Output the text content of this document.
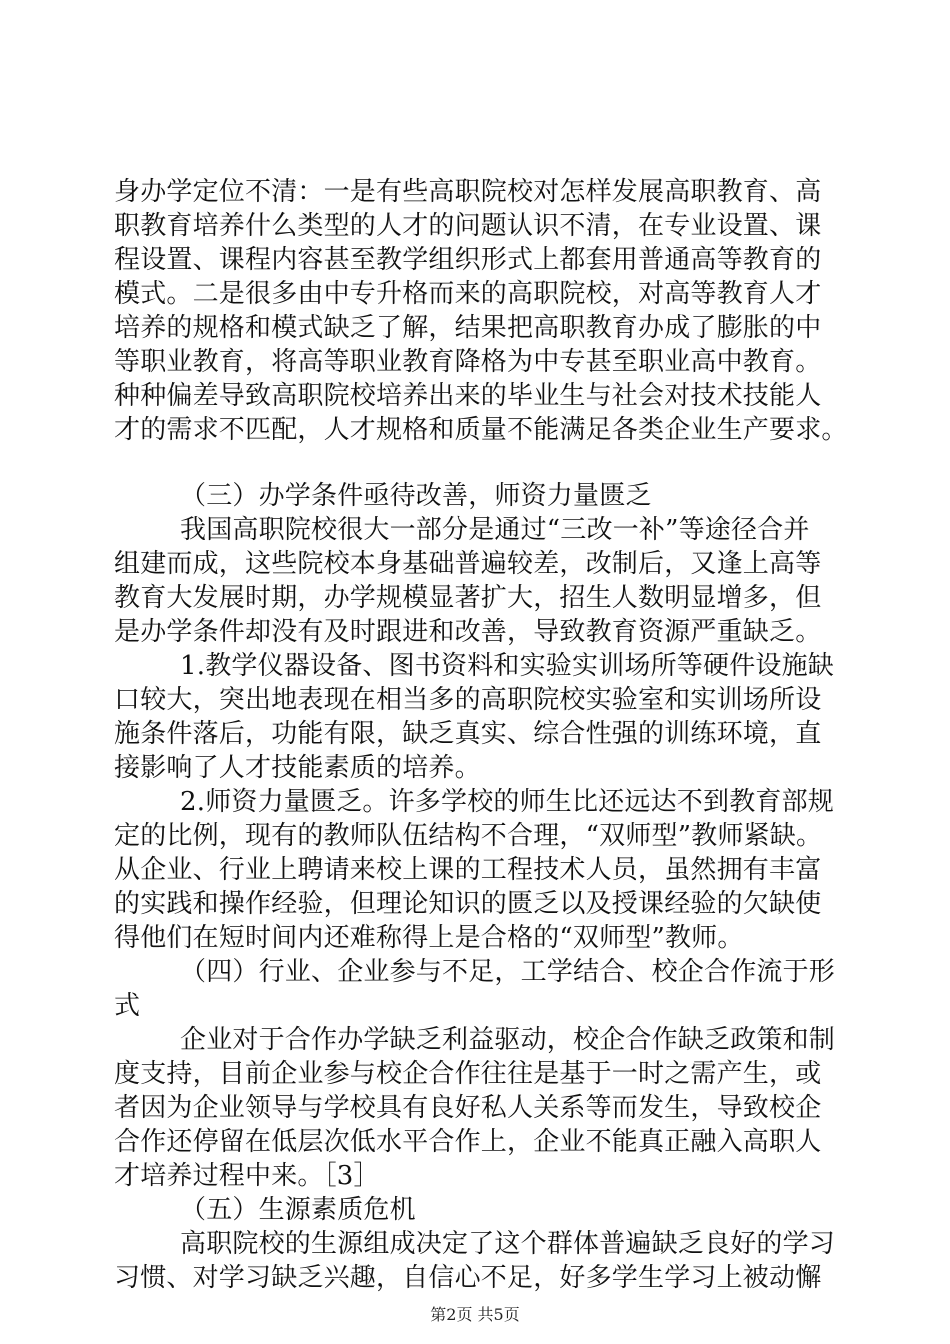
身办学定位不清：一是有些高职院校对怎样发展高职教育、高
职教育培养什么类型的人才的问题认识不清，在专业设置、课
程设置、课程内容甚至教学组织形式上都套用普通高等教育的
模式。二是很多由中专升格而来的高职院校，对高等教育人才
培养的规格和模式缺乏了解，结果把高职教育办成了膨胀的中
等职业教育，将高等职业教育降格为中专甚至职业高中教育。
种种偏差导致高职院校培养出来的毕业生与社会对技术技能人
才的需求不匹配，人才规格和质量不能满足各类企业生产要求。
（三）办学条件亟待改善，师资力量匮乏
我国高职院校很大一部分是通过“三改一补”等途径合并
组建而成，这些院校本身基础普遍较差，改制后，又逢上高等
教育大发展时期，办学规模显著扩大，招生人数明显增多，但
是办学条件却没有及时跟进和改善，导致教育资源严重缺乏。
1.教学仪器设备、图书资料和实验实训场所等硬件设施缺
口较大，突出地表现在相当多的高职院校实验室和实训场所设
施条件落后，功能有限，缺乏真实、综合性强的训练环境，直
接影响了人才技能素质的培养。
2.师资力量匮乏。许多学校的师生比还远达不到教育部规
定的比例，现有的教师队伍结构不合理，“双师型”教师紧缺。
从企业、行业上聘请来校上课的工程技术人员，虽然拥有丰富
的实践和操作经验，但理论知识的匮乏以及授课经验的欠缺使
得他们在短时间内还难称得上是合格的“双师型”教师。
（四）行业、企业参与不足，工学结合、校企合作流于形
式
企业对于合作办学缺乏利益驱动，校企合作缺乏政策和制
度支持，目前企业参与校企合作往往是基于一时之需产生，或
者因为企业领导与学校具有良好私人关系等而发生，导致校企
合作还停留在低层次低水平合作上，企业不能真正融入高职人
才培养过程中来。［3］
（五）生源素质危机
高职院校的生源组成决定了这个群体普遍缺乏良好的学习
习惯、对学习缺乏兴趣，自信心不足，好多学生学习上被动懈
第2页 共5页
